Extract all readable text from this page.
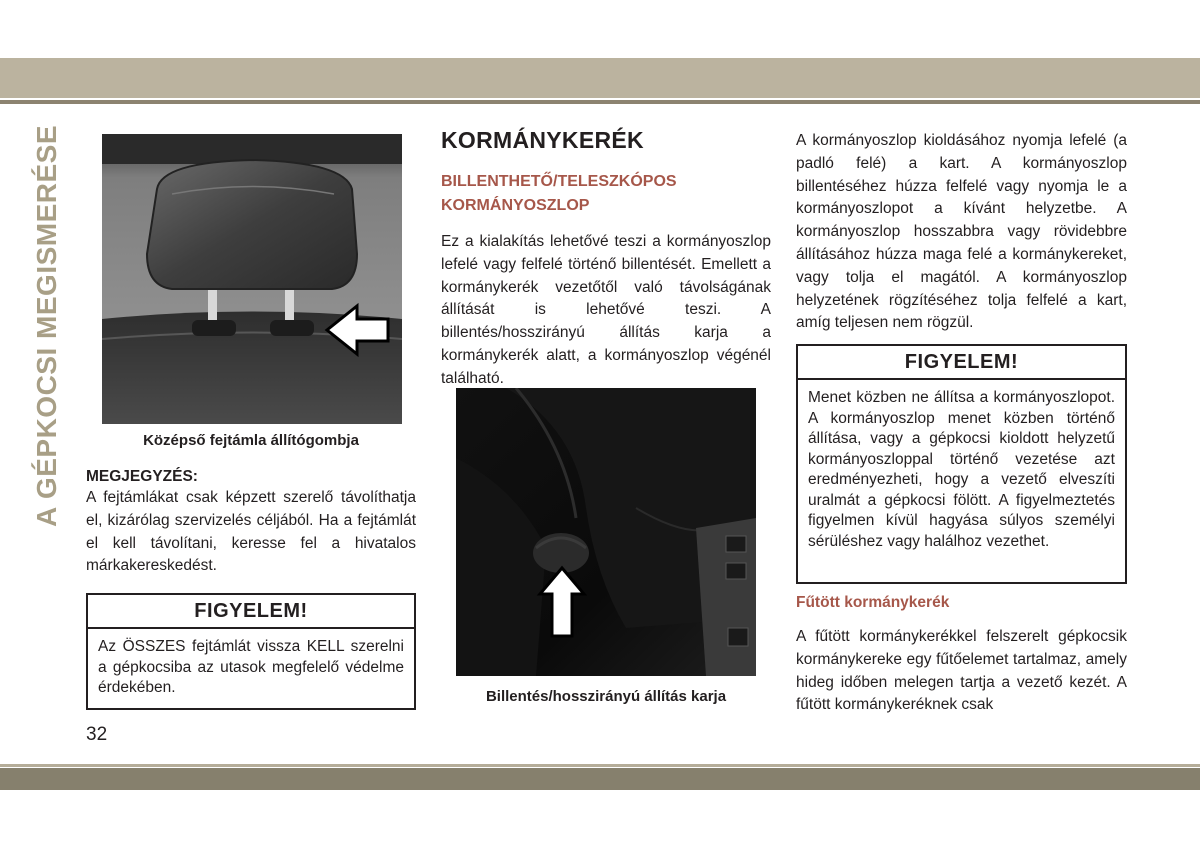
A GÉPKOCSI MEGISMERÉSE	Középső fejtámla állítógombja
MEGJEGYZÉS:
A fejtámlákat csak képzett szerelő távolíthatja el, kizárólag szervizelés céljából. Ha a fejtámlát el kell távolítani, keresse fel a hivatalos márkakereskedést.
FIGYELEM!
Az ÖSSZES fejtámlát vissza KELL szerelni a gépkocsiba az utasok megfelelő védelme érdekében.
32
KORMÁNYKERÉK
BILLENTHETŐ/TELESZKÓPOS KORMÁNYOSZLOP
Ez a kialakítás lehetővé teszi a kormányoszlop lefelé vagy felfelé történő billentését. Emellett a kormánykerék vezetőtől való távolságának állítását is lehetővé teszi. A billentés/hosszirányú állítás karja a kormánykerék alatt, a kormányoszlop végénél található.
Billentés/hosszirányú állítás karja
A kormányoszlop kioldásához nyomja lefelé (a padló felé) a kart. A kormányoszlop billentéséhez húzza felfelé vagy nyomja le a kormányoszlopot a kívánt helyzetbe. A kormányoszlop hosszabbra vagy rövidebbre állításához húzza maga felé a kormánykereket, vagy tolja el magától. A kormányoszlop helyzetének rögzítéséhez tolja felfelé a kart, amíg teljesen nem rögzül.
FIGYELEM!
Menet közben ne állítsa a kormányoszlopot. A kormányoszlop menet közben történő állítása, vagy a gépkocsi kioldott helyzetű kormányoszloppal történő vezetése azt eredményezheti, hogy a vezető elveszíti uralmát a gépkocsi fölött. A figyelmeztetés figyelmen kívül hagyása súlyos személyi sérüléshez vagy halálhoz vezethet.
Fűtött kormánykerék
A fűtött kormánykerékkel felszerelt gépkocsik kormánykereke egy fűtőelemet tartalmaz, amely hideg időben melegen tartja a vezető kezét. A fűtött kormánykeréknek csak
